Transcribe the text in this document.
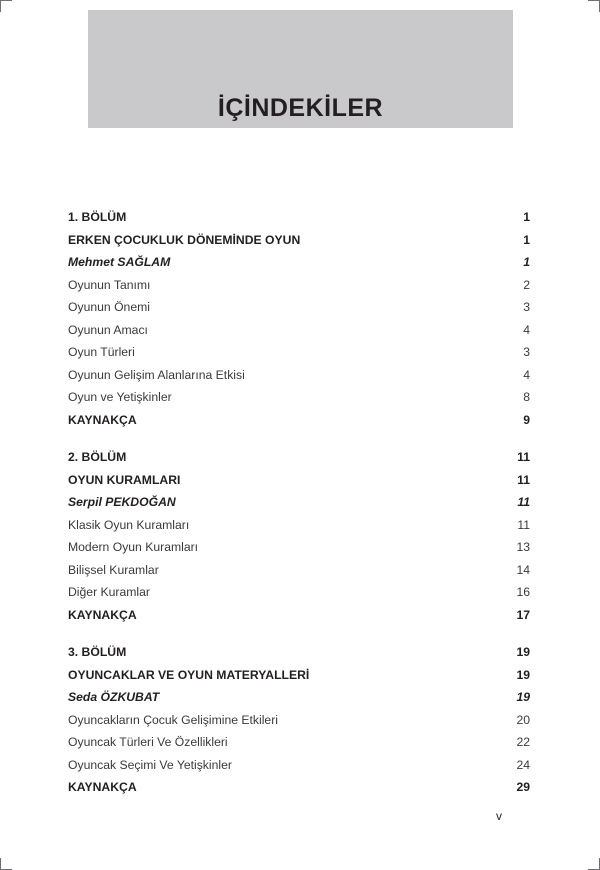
İÇİNDEKİLER
1. BÖLÜM	1
ERKEN ÇOCUKLUK DÖNEMİNDE OYUN	1
Mehmet SAĞLAM	1
Oyunun Tanımı	2
Oyunun Önemi	3
Oyunun Amacı	4
Oyun Türleri	3
Oyunun Gelişim Alanlarına Etkisi	4
Oyun ve Yetişkinler	8
KAYNAKÇA	9
2. BÖLÜM	11
OYUN KURAMLARI	11
Serpil PEKDOĞAN	11
Klasik Oyun Kuramları	11
Modern Oyun Kuramları	13
Bilişsel Kuramlar	14
Diğer Kuramlar	16
KAYNAKÇA	17
3. BÖLÜM	19
OYUNCAKLAR VE OYUN MATERYALLERİ	19
Seda ÖZKUBAT	19
Oyuncakların Çocuk Gelişimine Etkileri	20
Oyuncak Türleri Ve Özellikleri	22
Oyuncak Seçimi Ve Yetişkinler	24
KAYNAKÇA	29
v
